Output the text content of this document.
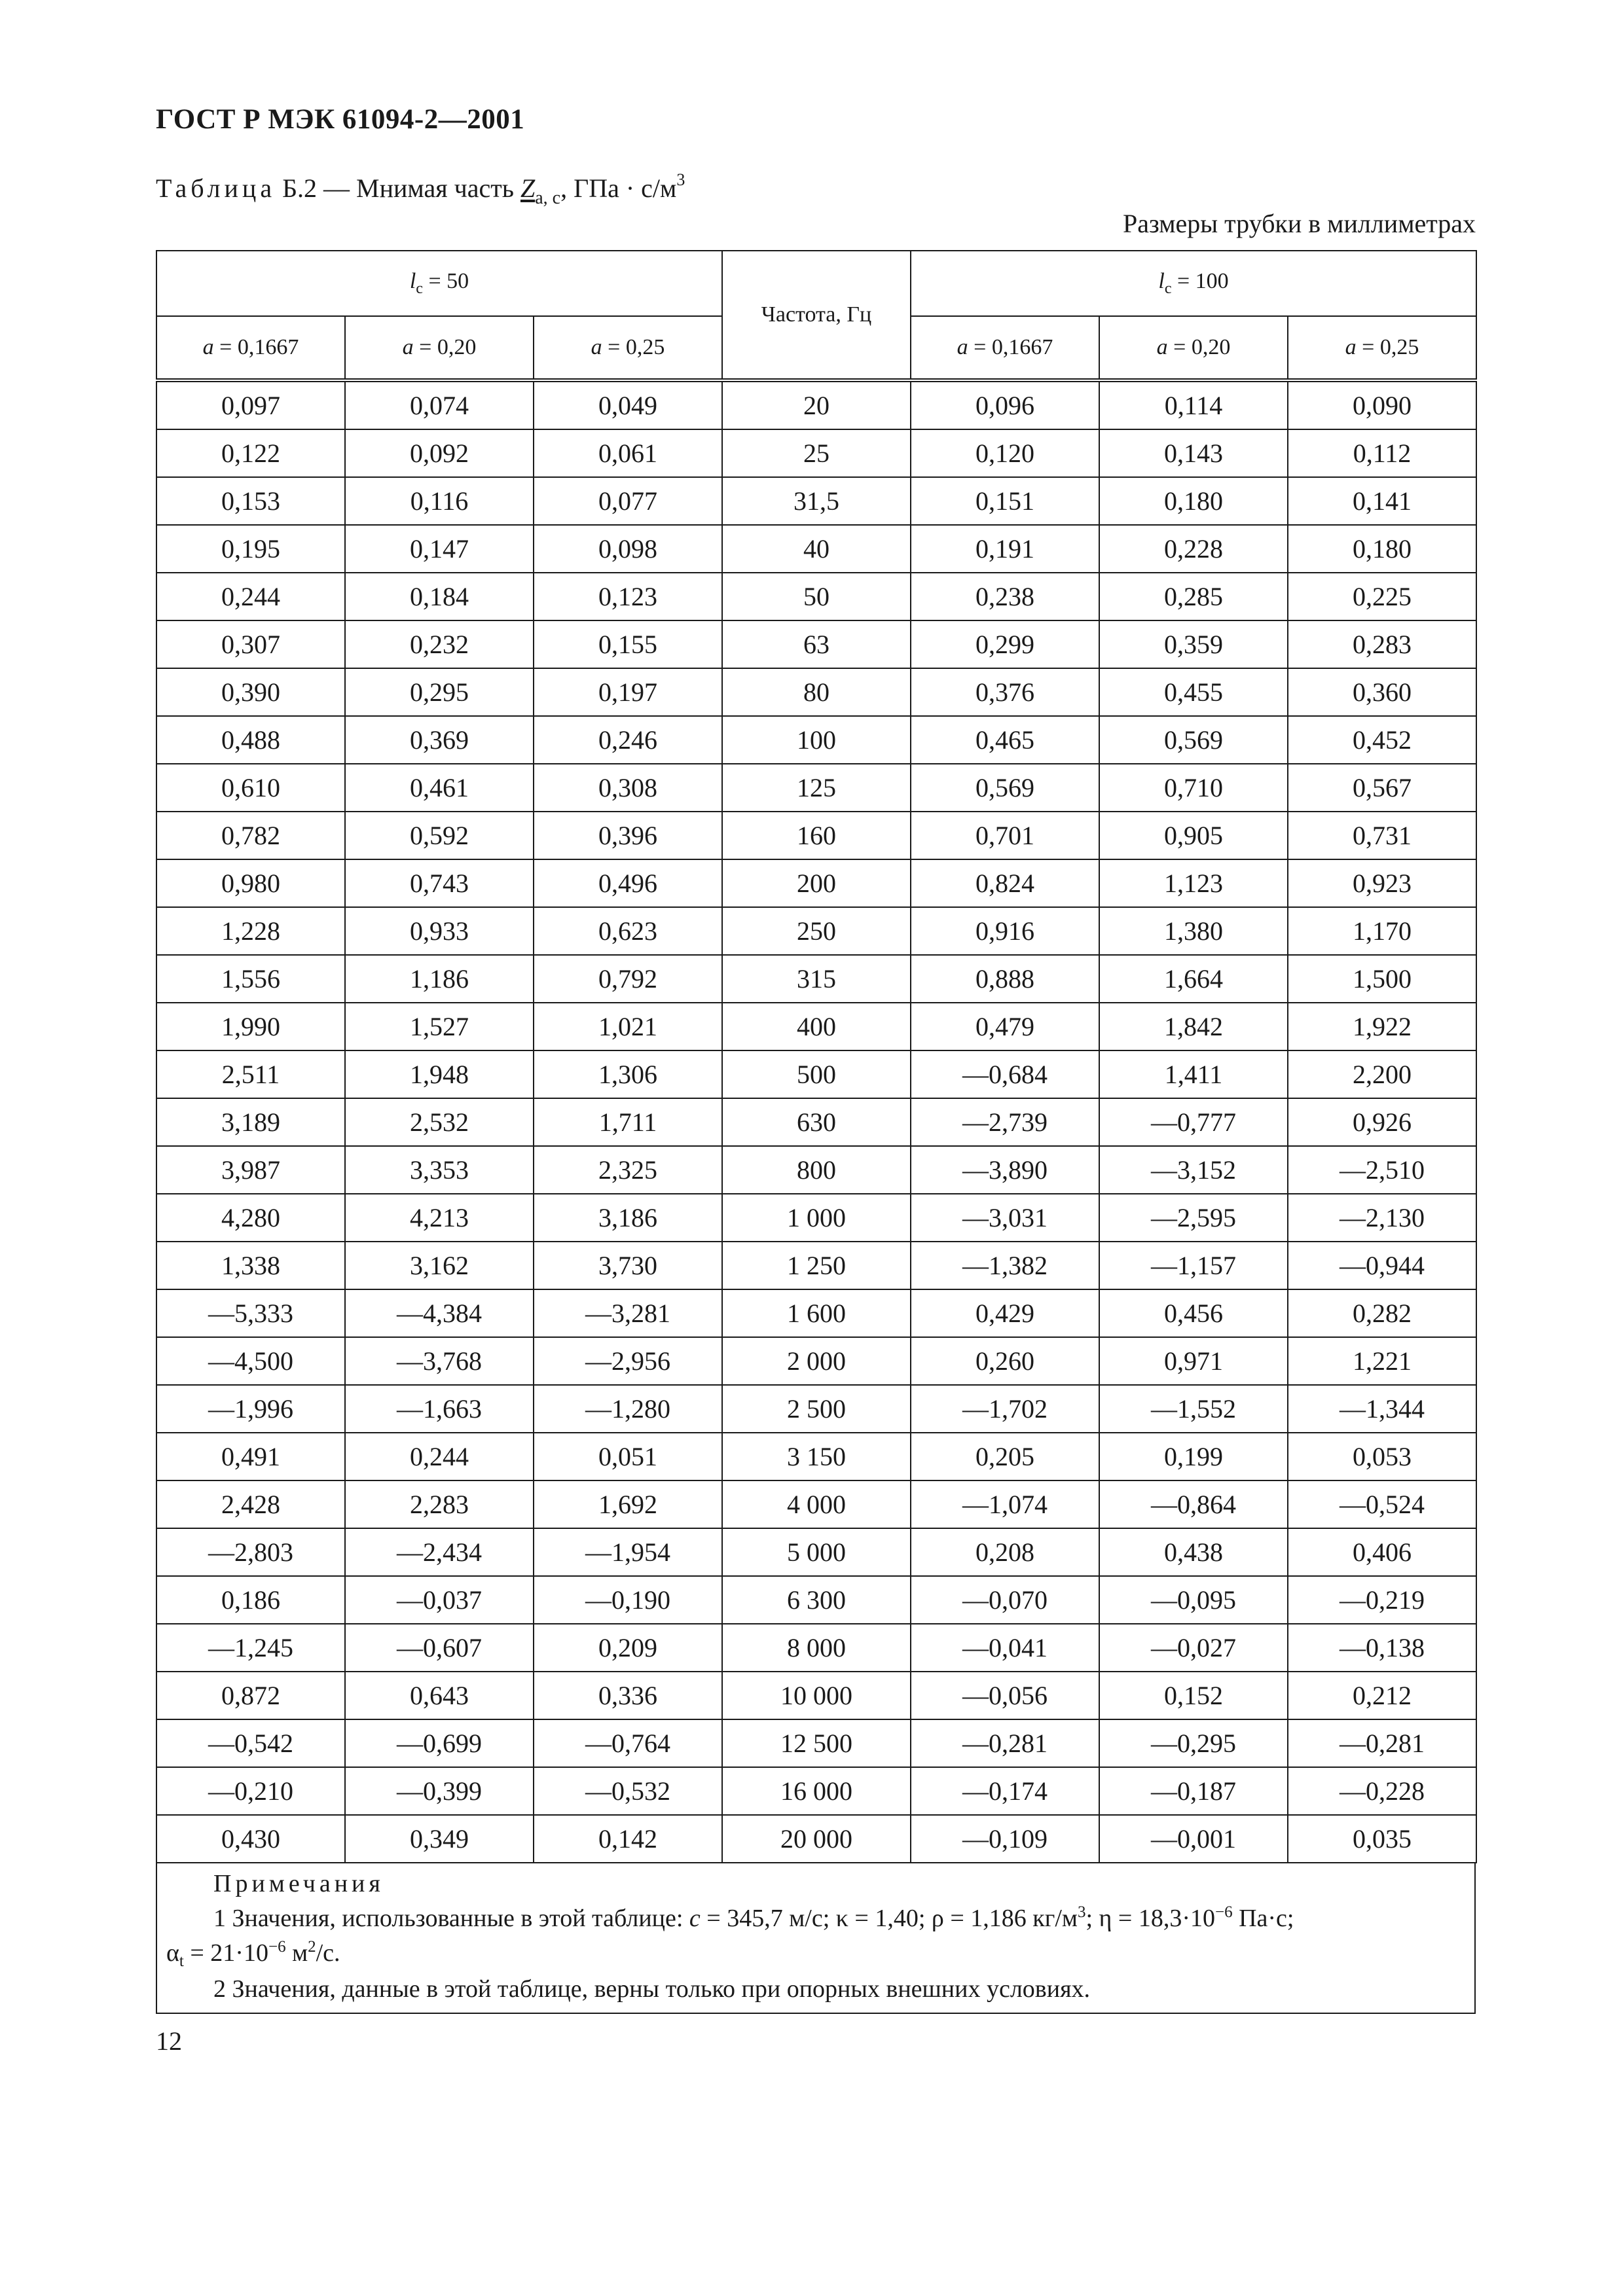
ГОСТ Р МЭК 61094-2—2001
Таблица Б.2 — Мнимая часть $Z_{a, c}$, ГПа · $с/м^3$
Размеры трубки в миллиметрах
$l_c = 50$			Частота, Гц	$l_c = 100$		
a = 0,1667	a = 0,20	a = 0,25		a = 0,1667	a = 0,20	a = 0,25
0,097	0,074	0,049	20	0,096	0,114	0,090
0,122	0,092	0,061	25	0,120	0,143	0,112
0,153	0,116	0,077	31,5	0,151	0,180	0,141
0,195	0,147	0,098	40	0,191	0,228	0,180
0,244	0,184	0,123	50	0,238	0,285	0,225
0,307	0,232	0,155	63	0,299	0,359	0,283
0,390	0,295	0,197	80	0,376	0,455	0,360
0,488	0,369	0,246	100	0,465	0,569	0,452
0,610	0,461	0,308	125	0,569	0,710	0,567
0,782	0,592	0,396	160	0,701	0,905	0,731
0,980	0,743	0,496	200	0,824	1,123	0,923
1,228	0,933	0,623	250	0,916	1,380	1,170
1,556	1,186	0,792	315	0,888	1,664	1,500
1,990	1,527	1,021	400	0,479	1,842	1,922
2,511	1,948	1,306	500	—0,684	1,411	2,200
3,189	2,532	1,711	630	—2,739	—0,777	0,926
3,987	3,353	2,325	800	—3,890	—3,152	—2,510
4,280	4,213	3,186	1 000	—3,031	—2,595	—2,130
1,338	3,162	3,730	1 250	—1,382	—1,157	—0,944
—5,333	—4,384	—3,281	1 600	0,429	0,456	0,282
—4,500	—3,768	—2,956	2 000	0,260	0,971	1,221
—1,996	—1,663	—1,280	2 500	—1,702	—1,552	—1,344
0,491	0,244	0,051	3 150	0,205	0,199	0,053
2,428	2,283	1,692	4 000	—1,074	—0,864	—0,524
—2,803	—2,434	—1,954	5 000	0,208	0,438	0,406
0,186	—0,037	—0,190	6 300	—0,070	—0,095	—0,219
—1,245	—0,607	0,209	8 000	—0,041	—0,027	—0,138
0,872	0,643	0,336	10 000	—0,056	0,152	0,212
—0,542	—0,699	—0,764	12 500	—0,281	—0,295	—0,281
—0,210	—0,399	—0,532	16 000	—0,174	—0,187	—0,228
0,430	0,349	0,142	20 000	—0,109	—0,001	0,035
Примечания
1 Значения, использованные в этой таблице: c = 345,7 м/с; κ = 1,40; ρ = 1,186 $кг/м^3$; $\eta = 18,3\cdot 10^{-6}$ Па·с;
$\alpha_t = 21\cdot 10^{-6}$ $м^2/с$.
2 Значения, данные в этой таблице, верны только при опорных внешних условиях.
12
